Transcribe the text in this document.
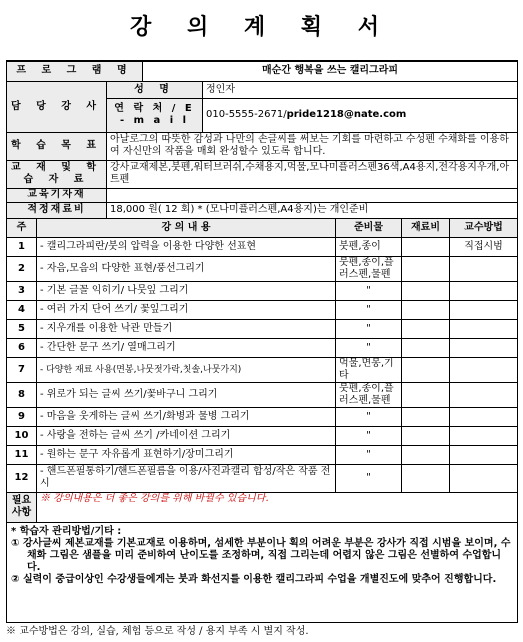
강 의 계 획 서
프 로 그 램 명			매순간 행복을 쓰는 캘리그라피				
담 당 강 사		성 명		정인자			
		연 락 처 / E - m a i l		010-5555-2671/pride1218@nate.com			
학 습 목 표		아날로그의 따뜻한 감성과 나만의 손글씨를 써보는 기회를 마련하고 수성펜 수채화를 이용하여 자신만의 작품을 매회 완성할수 있도록 합니다.					
교 재 및 학 습 자 료		강사교재제본,붓펜,워터브러쉬,수채용지,먹물,모나미플러스펜36색,A4용지,전각용지우개,아트펜					
교육기자재							
적정재료비		18,000 원( 12 회) * (모나미플러스펜,A4용지)는 개인준비					
주	강 의 내 용				준비물	재료비	교수방법
1	- 캘리그라피란/붓의 압력을 이용한 다양한 선표현				붓펜,종이		직접시범
2	- 자음,모음의 다양한 표현/풍선그리기				붓펜,종이,플러스펜,물펜		
3	- 기본 글꼴 익히기/ 나뭇잎 그리기				"		
4	- 여러 가지 단어 쓰기/ 꽃잎그리기				"		
5	- 지우개를 이용한 낙관 만들기				"		
6	- 간단한 문구 쓰기/ 열매그리기				"		
7	- 다양한 재료 사용(면봉,나뭇젓가락,칫솔,나뭇가지)				먹물,면봉,기타		
8	- 위로가 되는 글씨 쓰기/꽃바구니 그리기				붓펜,종이,플러스펜,물펜		
9	- 마음을 웃게하는 글씨 쓰기/화병과 물병 그리기				"		
10	- 사랑을 전하는 글씨 쓰기 /카네이션 그리기				"		
11	- 원하는 문구 자유롭게 표현하기/장미그리기				"		
12	- 핸드폰필통하기/핸드폰필름을 이용/사진과캘리 합성/작은 작품 전시				"		
필요 사항	※ 강의내용은 더 좋은 강의를 위해 바뀔수 있습니다.						

* 학습자 관리방법/기타 :
① 강사글씨 제본교재를 기본교재로 이용하며, 섬세한 부분이나 획의 어려운 부분은 강사가 직접 시범을 보이며, 수채화 그림은 샘플을 미리 준비하여 난이도를 조정하며, 직접 그리는데 어렵지 않은 그림은 선별하여 수업합니다.
② 실력이 중급이상인 수강생들에게는 붓과 화선지를 이용한 캘리그라피 수업을 개별진도에 맞추어 진행합니다.							
※ 교수방법은 강의, 실습, 체험 등으로 작성 / 용지 부족 시 별지 작성.
